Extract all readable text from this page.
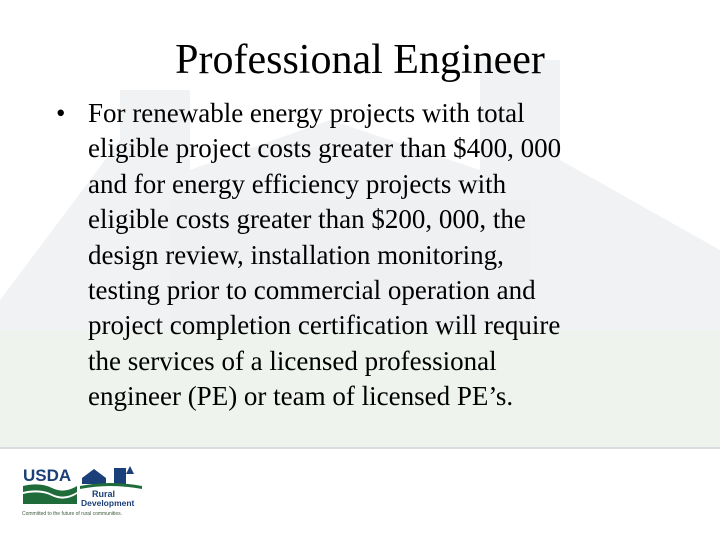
Professional Engineer
• For renewable energy projects with total
eligible project costs greater than $400, 000
and for energy efficiency projects with
eligible costs greater than $200, 000, the
design review, installation monitoring,
testing prior to commercial operation and
project completion certification will require
the services of a licensed professional
engineer (PE) or team of licensed PE’s.
USDA
Rural
Development
Committed to the future of rural communities.
